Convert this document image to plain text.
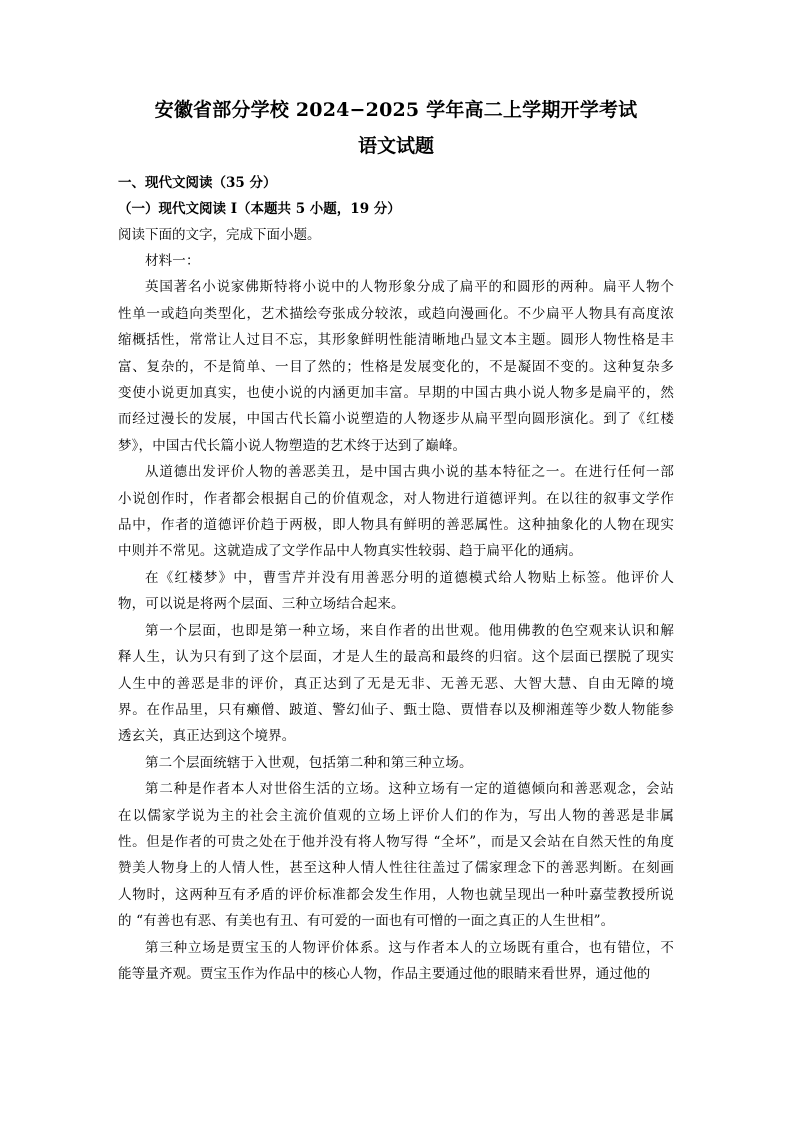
安徽省部分学校 2024−2025 学年高二上学期开学考试
语文试题

一、现代文阅读（35 分）

（一）现代文阅读 I（本题共 5 小题，19 分）

阅读下面的文字，完成下面小题。

材料一：

英国著名小说家佛斯特将小说中的人物形象分成了扁平的和圆形的两种。扁平人物个
性单一或趋向类型化，艺术描绘夸张成分较浓，或趋向漫画化。不少扁平人物具有高度浓
缩概括性，常常让人过目不忘，其形象鲜明性能清晰地凸显文本主题。圆形人物性格是丰
富、复杂的，不是简单、一目了然的；性格是发展变化的，不是凝固不变的。这种复杂多
变使小说更加真实，也使小说的内涵更加丰富。早期的中国古典小说人物多是扁平的，然
而经过漫长的发展，中国古代长篇小说塑造的人物逐步从扁平型向圆形演化。到了《红楼
梦》，中国古代长篇小说人物塑造的艺术终于达到了巅峰。
从道德出发评价人物的善恶美丑，是中国古典小说的基本特征之一。在进行任何一部
小说创作时，作者都会根据自己的价值观念，对人物进行道德评判。在以往的叙事文学作
品中，作者的道德评价趋于两极，即人物具有鲜明的善恶属性。这种抽象化的人物在现实
中则并不常见。这就造成了文学作品中人物真实性较弱、趋于扁平化的通病。
在《红楼梦》中，曹雪芹并没有用善恶分明的道德模式给人物贴上标签。他评价人
物，可以说是将两个层面、三种立场结合起来。
第一个层面，也即是第一种立场，来自作者的出世观。他用佛教的色空观来认识和解
释人生，认为只有到了这个层面，才是人生的最高和最终的归宿。这个层面已摆脱了现实
人生中的善恶是非的评价，真正达到了无是无非、无善无恶、大智大慧、自由无障的境
界。在作品里，只有癞僧、跛道、警幻仙子、甄士隐、贾惜春以及柳湘莲等少数人物能参
透玄关，真正达到这个境界。
第二个层面统辖于入世观，包括第二种和第三种立场。
第二种是作者本人对世俗生活的立场。这种立场有一定的道德倾向和善恶观念，会站
在以儒家学说为主的社会主流价值观的立场上评价人们的作为，写出人物的善恶是非属
性。但是作者的可贵之处在于他并没有将人物写得 “全坏”，而是又会站在自然天性的角度
赞美人物身上的人情人性，甚至这种人情人性往往盖过了儒家理念下的善恶判断。在刻画
人物时，这两种互有矛盾的评价标准都会发生作用，人物也就呈现出一种叶嘉莹教授所说
的 “有善也有恶、有美也有丑、有可爱的一面也有可憎的一面之真正的人生世相”。
第三种立场是贾宝玉的人物评价体系。这与作者本人的立场既有重合，也有错位，不
能等量齐观。贾宝玉作为作品中的核心人物，作品主要通过他的眼睛来看世界，通过他的
